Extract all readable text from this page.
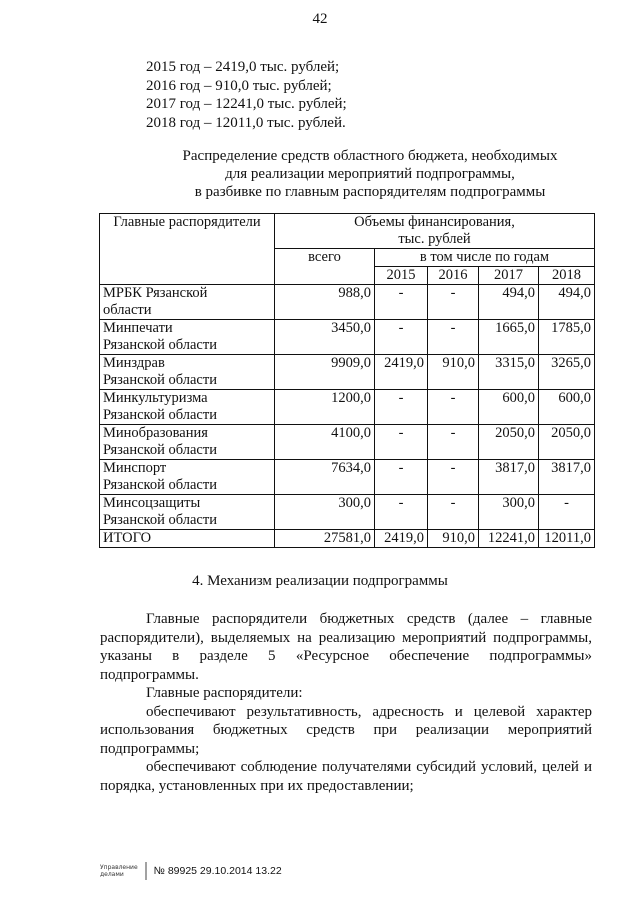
42
2015 год – 2419,0 тыс. рублей;
2016 год – 910,0 тыс. рублей;
2017 год – 12241,0 тыс. рублей;
2018 год – 12011,0 тыс. рублей.
Распределение средств областного бюджета, необходимых
для реализации мероприятий подпрограммы,
в разбивке по главным распорядителям подпрограммы
Главные распорядители	Объемы финансирования,
тыс. рублей				

	всего	в том числе по годам			
		2015	2016	2017	2018

МРБК Рязанской
области	988,0	-	-	494,0	494,0

Минпечати
Рязанской области	3450,0	-	-	1665,0	1785,0

Минздрав
Рязанской области	9909,0	2419,0	910,0	3315,0	3265,0

Минкультуризма
Рязанской области	1200,0	-	-	600,0	600,0

Минобразования
Рязанской области	4100,0	-	-	2050,0	2050,0

Минспорт
Рязанской области	7634,0	-	-	3817,0	3817,0

Минсоцзащиты
Рязанской области	300,0	-	-	300,0	-
ИТОГО	27581,0	2419,0	910,0	12241,0	12011,0
4. Механизм реализации подпрограммы

Главные распорядители бюджетных средств (далее – главные

распорядители), выделяемых на реализацию мероприятий подпрограммы,

указаны в разделе 5 «Ресурсное обеспечение подпрограммы»

подпрограммы.

Главные распорядители:

обеспечивают результативность, адресность и целевой характер

использования бюджетных средств при реализации мероприятий

подпрограммы;

обеспечивают соблюдение получателями субсидий условий, целей и

порядка, установленных при их предоставлении;

Управление
делами	№ 89925 29.10.2014 13.22
